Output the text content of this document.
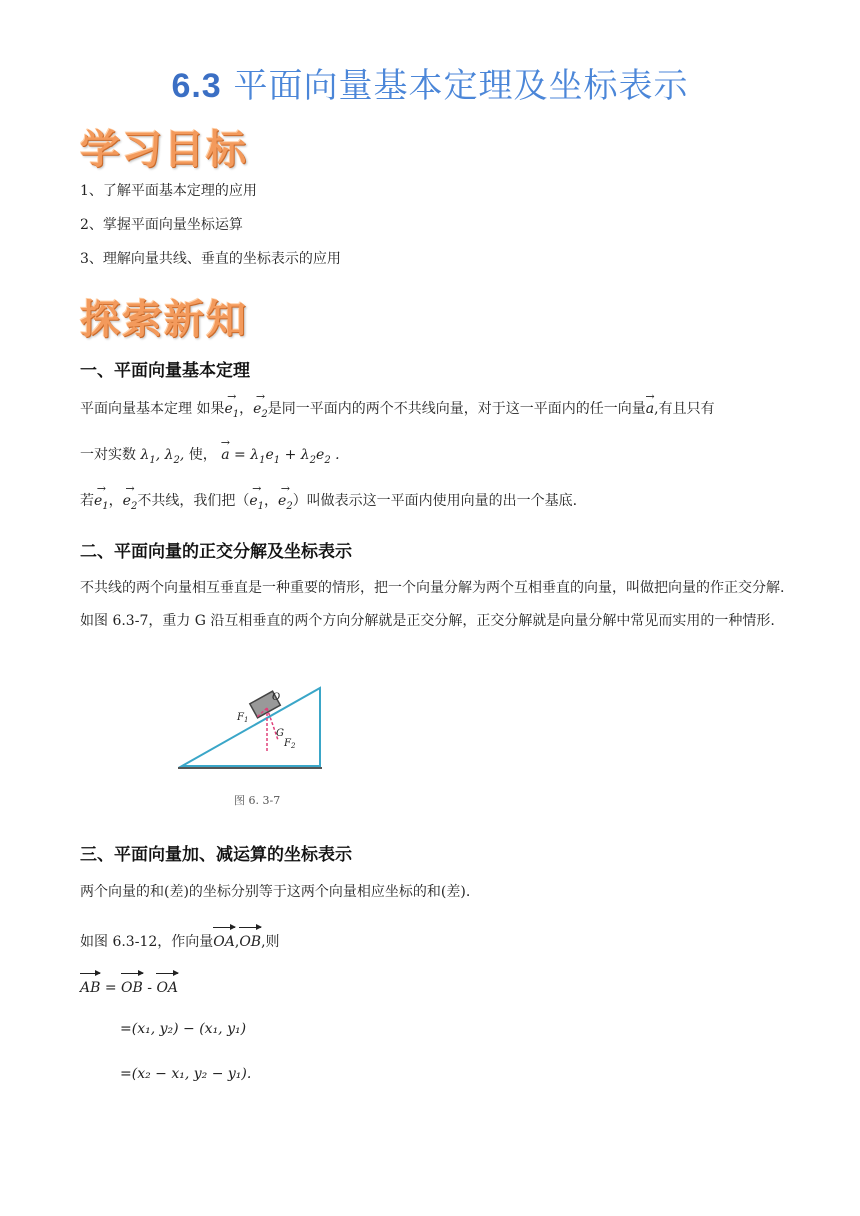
6.3 平面向量基本定理及坐标表示
学习目标
1、了解平面基本定理的应用
2、掌握平面向量坐标运算
3、理解向量共线、垂直的坐标表示的应用
探索新知
一、平面向量基本定理
平面向量基本定理 如果→ $e_1$，→ $e_2$是同一平面内的两个不共线向量，对于这一平面内的任一向量→ a,有且只有
一对实数 $\lambda_1$, $\lambda_2$, 使， → $a = \lambda_1e_1 + \lambda_2e_2$ .
若→ $e_1$，→ $e_2$不共线，我们把（→ $e_1$，→ $e_2$）叫做表示这一平面内使用向量的出一个基底.
二、平面向量的正交分解及坐标表示
不共线的两个向量相互垂直是一种重要的情形，把一个向量分解为两个互相垂直的向量，叫做把向量的作正交分解.如图 6.3-7，重力 G 沿互相垂直的两个方向分解就是正交分解，正交分解就是向量分解中常见而实用的一种情形.
O
$F_1$
G
$F_2$
图 6. 3-7
三、平面向量加、减运算的坐标表示
两个向量的和(差)的坐标分别等于这两个向量相应坐标的和(差).
如图 6.3-12，作向量OA,OB,则
AB = OB - OA
=(x₁, y₂) − (x₁, y₁)
=(x₂ − x₁, y₂ − y₁).
